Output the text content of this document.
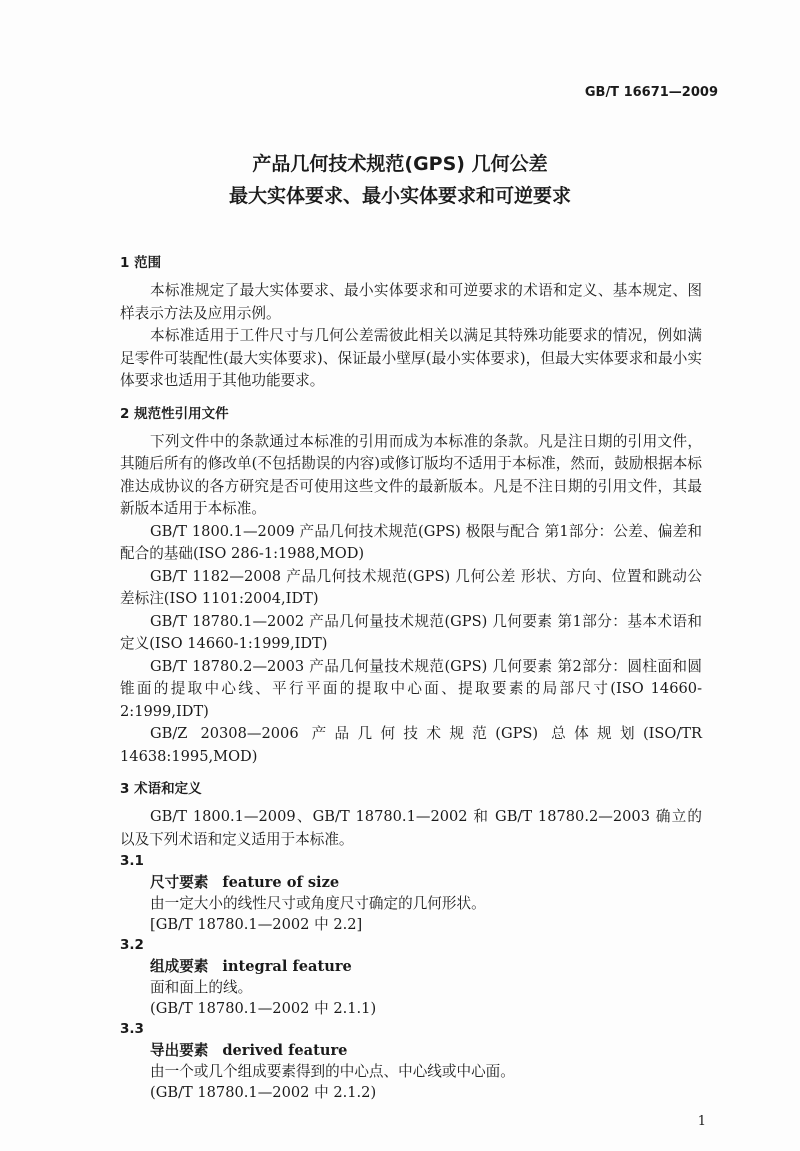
GB/T 16671—2009
产品几何技术规范(GPS) 几何公差
最大实体要求、最小实体要求和可逆要求
1 范围
本标准规定了最大实体要求、最小实体要求和可逆要求的术语和定义、基本规定、图样表示方法及应用示例。
本标准适用于工件尺寸与几何公差需彼此相关以满足其特殊功能要求的情况，例如满足零件可装配性(最大实体要求)、保证最小壁厚(最小实体要求)，但最大实体要求和最小实体要求也适用于其他功能要求。
2 规范性引用文件
下列文件中的条款通过本标准的引用而成为本标准的条款。凡是注日期的引用文件，其随后所有的修改单(不包括勘误的内容)或修订版均不适用于本标准，然而，鼓励根据本标准达成协议的各方研究是否可使用这些文件的最新版本。凡是不注日期的引用文件，其最新版本适用于本标准。
GB/T 1800.1—2009 产品几何技术规范(GPS) 极限与配合 第1部分：公差、偏差和配合的基础(ISO 286-1:1988,MOD)
GB/T 1182—2008 产品几何技术规范(GPS) 几何公差 形状、方向、位置和跳动公差标注(ISO 1101:2004,IDT)
GB/T 18780.1—2002 产品几何量技术规范(GPS) 几何要素 第1部分：基本术语和定义(ISO 14660-1:1999,IDT)
GB/T 18780.2—2003 产品几何量技术规范(GPS) 几何要素 第2部分：圆柱面和圆锥面的提取中心线、平行平面的提取中心面、提取要素的局部尺寸(ISO 14660-2:1999,IDT)
GB/Z 20308—2006 产品几何技术规范(GPS) 总体规划(ISO/TR 14638:1995,MOD)
3 术语和定义
GB/T 1800.1—2009、GB/T 18780.1—2002 和 GB/T 18780.2—2003 确立的以及下列术语和定义适用于本标准。
3.1
尺寸要素 feature of size
由一定大小的线性尺寸或角度尺寸确定的几何形状。
[GB/T 18780.1—2002 中 2.2]
3.2
组成要素 integral feature
面和面上的线。
(GB/T 18780.1—2002 中 2.1.1)
3.3
导出要素 derived feature
由一个或几个组成要素得到的中心点、中心线或中心面。
(GB/T 18780.1—2002 中 2.1.2)
1
